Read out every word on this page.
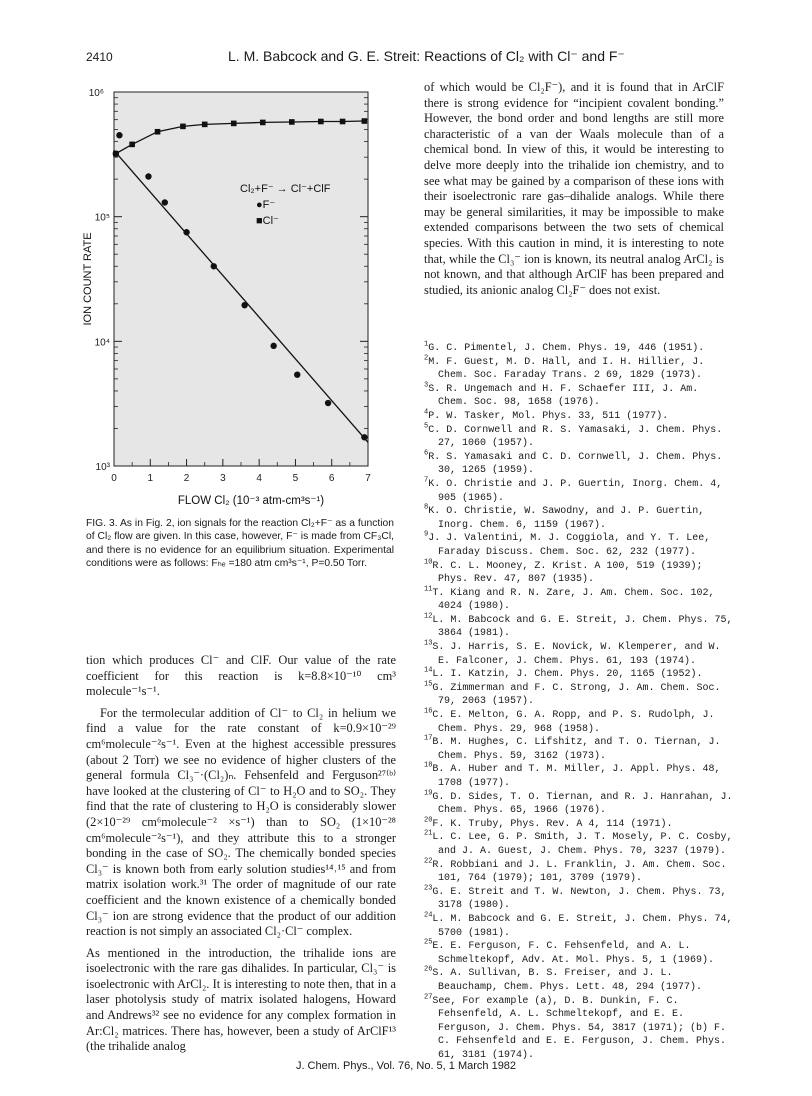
2410	L. M. Babcock and G. E. Streit: Reactions of Cl₂ with Cl⁻ and F⁻
10³
10⁴
10⁵
10⁶
0	1	2	3	4	5	6	7
Cl₂+F⁻ → Cl⁻+ClF
●F⁻
■Cl⁻
FLOW Cl₂ (10⁻³ atm-cm³s⁻¹)
ION COUNT RATE
FIG. 3. As in Fig. 2, ion signals for the reaction Cl₂+F⁻ as a function of Cl₂ flow are given. In this case, however, F⁻ is made from CF₃Cl, and there is no evidence for an equilibrium situation. Experimental conditions were as follows: Fₕₑ =180 atm cm³s⁻¹, P=0.50 Torr.

tion which produces Cl⁻ and ClF. Our value of the rate coefficient for this reaction is k=8.8×10⁻¹⁰ cm³ molecule⁻¹s⁻¹.

For the termolecular addition of Cl⁻ to Cl₂ in helium we find a value for the rate constant of k=0.9×10⁻²⁹ cm⁶molecule⁻²s⁻¹. Even at the highest accessible pressures (about 2 Torr) we see no evidence of higher clusters of the general formula Cl₃⁻·(Cl₂)ₙ. Fehsenfeld and Ferguson²⁷⁽ᵇ⁾ have looked at the clustering of Cl⁻ to H₂O and to SO₂. They find that the rate of clustering to H₂O is considerably slower (2×10⁻²⁹ cm⁶molecule⁻² ×s⁻¹) than to SO₂ (1×10⁻²⁸ cm⁶molecule⁻²s⁻¹), and they attribute this to a stronger bonding in the case of SO₂. The chemically bonded species Cl₃⁻ is known both from early solution studies¹⁴˒¹⁵ and from matrix isolation work.³¹ The order of magnitude of our rate coefficient and the known existence of a chemically bonded Cl₃⁻ ion are strong evidence that the product of our addition reaction is not simply an associated Cl₂·Cl⁻ complex.

As mentioned in the introduction, the trihalide ions are isoelectronic with the rare gas dihalides. In particular, Cl₃⁻ is isoelectronic with ArCl₂. It is interesting to note then, that in a laser photolysis study of matrix isolated halogens, Howard and Andrews³² see no evidence for any complex formation in Ar:Cl₂ matrices. There has, however, been a study of ArClF¹³ (the trihalide analog

of which would be Cl₂F⁻), and it is found that in ArClF there is strong evidence for “incipient covalent bonding.” However, the bond order and bond lengths are still more characteristic of a van der Waals molecule than of a chemical bond. In view of this, it would be interesting to delve more deeply into the trihalide ion chemistry, and to see what may be gained by a comparison of these ions with their isoelectronic rare gas–dihalide analogs. While there may be general similarities, it may be impossible to make extended comparisons between the two sets of chemical species. With this caution in mind, it is interesting to note that, while the Cl₃⁻ ion is known, its neutral analog ArCl₂ is not known, and that although ArClF has been prepared and studied, its anionic analog Cl₂F⁻ does not exist.
$^1$G. C. Pimentel, J. Chem. Phys. 19, 446 (1951).
$^2$M. F. Guest, M. D. Hall, and I. H. Hillier, J. Chem. Soc. Faraday Trans. 2 69, 1829 (1973).
$^3$S. R. Ungemach and H. F. Schaefer III, J. Am. Chem. Soc. 98, 1658 (1976).
$^4$P. W. Tasker, Mol. Phys. 33, 511 (1977).
$^5$C. D. Cornwell and R. S. Yamasaki, J. Chem. Phys. 27, 1060 (1957).
$^6$R. S. Yamasaki and C. D. Cornwell, J. Chem. Phys. 30, 1265 (1959).
$^7$K. O. Christie and J. P. Guertin, Inorg. Chem. 4, 905 (1965).
$^8$K. O. Christie, W. Sawodny, and J. P. Guertin, Inorg. Chem. 6, 1159 (1967).
$^9$J. J. Valentini, M. J. Coggiola, and Y. T. Lee, Faraday Discuss. Chem. Soc. 62, 232 (1977).
$^{10}$R. C. L. Mooney, Z. Krist. A 100, 519 (1939); Phys. Rev. 47, 807 (1935).
$^{11}$T. Kiang and R. N. Zare, J. Am. Chem. Soc. 102, 4024 (1980).
$^{12}$L. M. Babcock and G. E. Streit, J. Chem. Phys. 75, 3864 (1981).
$^{13}$S. J. Harris, S. E. Novick, W. Klemperer, and W. E. Falconer, J. Chem. Phys. 61, 193 (1974).
$^{14}$L. I. Katzin, J. Chem. Phys. 20, 1165 (1952).
$^{15}$G. Zimmerman and F. C. Strong, J. Am. Chem. Soc. 79, 2063 (1957).
$^{16}$C. E. Melton, G. A. Ropp, and P. S. Rudolph, J. Chem. Phys. 29, 968 (1958).
$^{17}$B. M. Hughes, C. Lifshitz, and T. O. Tiernan, J. Chem. Phys. 59, 3162 (1973).
$^{18}$B. A. Huber and T. M. Miller, J. Appl. Phys. 48, 1708 (1977).
$^{19}$G. D. Sides, T. O. Tiernan, and R. J. Hanrahan, J. Chem. Phys. 65, 1966 (1976).
$^{20}$F. K. Truby, Phys. Rev. A 4, 114 (1971).
$^{21}$L. C. Lee, G. P. Smith, J. T. Mosely, P. C. Cosby, and J. A. Guest, J. Chem. Phys. 70, 3237 (1979).
$^{22}$R. Robbiani and J. L. Franklin, J. Am. Chem. Soc. 101, 764 (1979); 101, 3709 (1979).
$^{23}$G. E. Streit and T. W. Newton, J. Chem. Phys. 73, 3178 (1980).
$^{24}$L. M. Babcock and G. E. Streit, J. Chem. Phys. 74, 5700 (1981).
$^{25}$E. E. Ferguson, F. C. Fehsenfeld, and A. L. Schmeltekopf, Adv. At. Mol. Phys. 5, 1 (1969).
$^{26}$S. A. Sullivan, B. S. Freiser, and J. L. Beauchamp, Chem. Phys. Lett. 48, 294 (1977).
$^{27}$See, For example (a), D. B. Dunkin, F. C. Fehsenfeld, A. L. Schmeltekopf, and E. E. Ferguson, J. Chem. Phys. 54, 3817 (1971); (b) F. C. Fehsenfeld and E. E. Ferguson, J. Chem. Phys. 61, 3181 (1974).
J. Chem. Phys., Vol. 76, No. 5, 1 March 1982
